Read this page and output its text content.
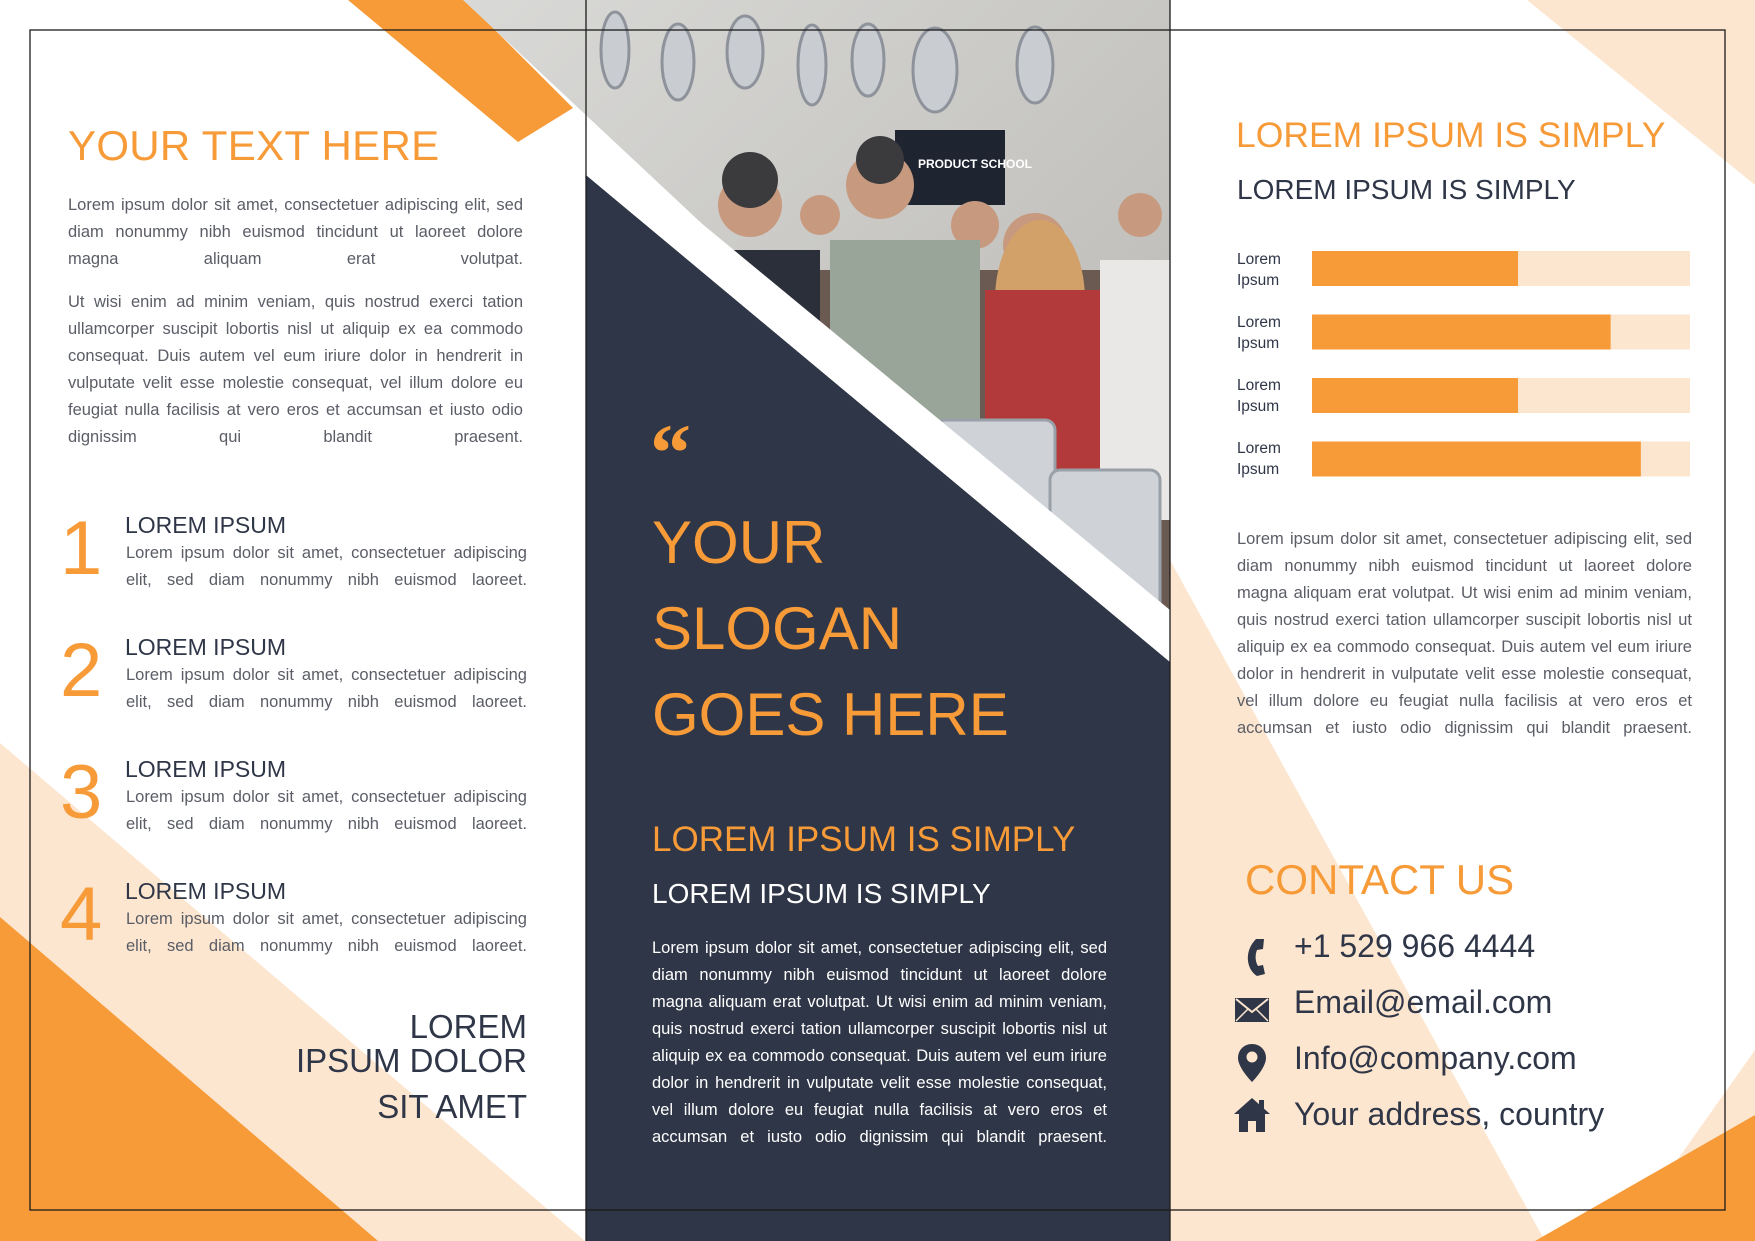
PRODUCT SCHOOL
YOUR TEXT HERE
Lorem ipsum dolor sit amet, consectetuer adipiscing elit, sed diam nonummy nibh euismod tincidunt ut laoreet dolore magna aliquam erat volutpat.
Ut wisi enim ad minim veniam, quis nostrud exerci tation ullamcorper suscipit lobortis nisl ut aliquip ex ea commodo consequat. Duis autem vel eum iriure dolor in hendrerit in vulputate velit esse molestie consequat, vel illum dolore eu feugiat nulla facilisis at vero eros et accumsan et iusto odio dignissim qui blandit praesent.
1 LOREM IPSUM
Lorem ipsum dolor sit amet, consectetuer adipiscing elit, sed diam nonummy nibh euismod laoreet.
2 LOREM IPSUM
Lorem ipsum dolor sit amet, consectetuer adipiscing elit, sed diam nonummy nibh euismod laoreet.
3 LOREM IPSUM
Lorem ipsum dolor sit amet, consectetuer adipiscing elit, sed diam nonummy nibh euismod laoreet.
4 LOREM IPSUM
Lorem ipsum dolor sit amet, consectetuer adipiscing elit, sed diam nonummy nibh euismod laoreet.
LOREM
IPSUM DOLOR
SIT AMET
“
YOUR
SLOGAN
GOES HERE
LOREM IPSUM IS SIMPLY
LOREM IPSUM IS SIMPLY
Lorem ipsum dolor sit amet, consectetuer adipiscing elit, sed diam nonummy nibh euismod tincidunt ut laoreet dolore magna aliquam erat volutpat. Ut wisi enim ad minim veniam, quis nostrud exerci tation ullamcorper suscipit lobortis nisl ut aliquip ex ea commodo consequat. Duis autem vel eum iriure dolor in hendrerit in vulputate velit esse molestie consequat, vel illum dolore eu feugiat nulla facilisis at vero eros et accumsan et iusto odio dignissim qui blandit praesent.
LOREM IPSUM IS SIMPLY
LOREM IPSUM IS SIMPLY
Lorem
Ipsum
Lorem
Ipsum
Lorem
Ipsum
Lorem
Ipsum
Lorem ipsum dolor sit amet, consectetuer adipiscing elit, sed diam nonummy nibh euismod tincidunt ut laoreet dolore magna aliquam erat volutpat. Ut wisi enim ad minim veniam, quis nostrud exerci tation ullamcorper suscipit lobortis nisl ut aliquip ex ea commodo consequat. Duis autem vel eum iriure dolor in hendrerit in vulputate velit esse molestie consequat, vel illum dolore eu feugiat nulla facilisis at vero eros et accumsan et iusto odio dignissim qui blandit praesent.
CONTACT US
+1 529 966 4444
Email@email.com
Info@company.com
Your address, country
